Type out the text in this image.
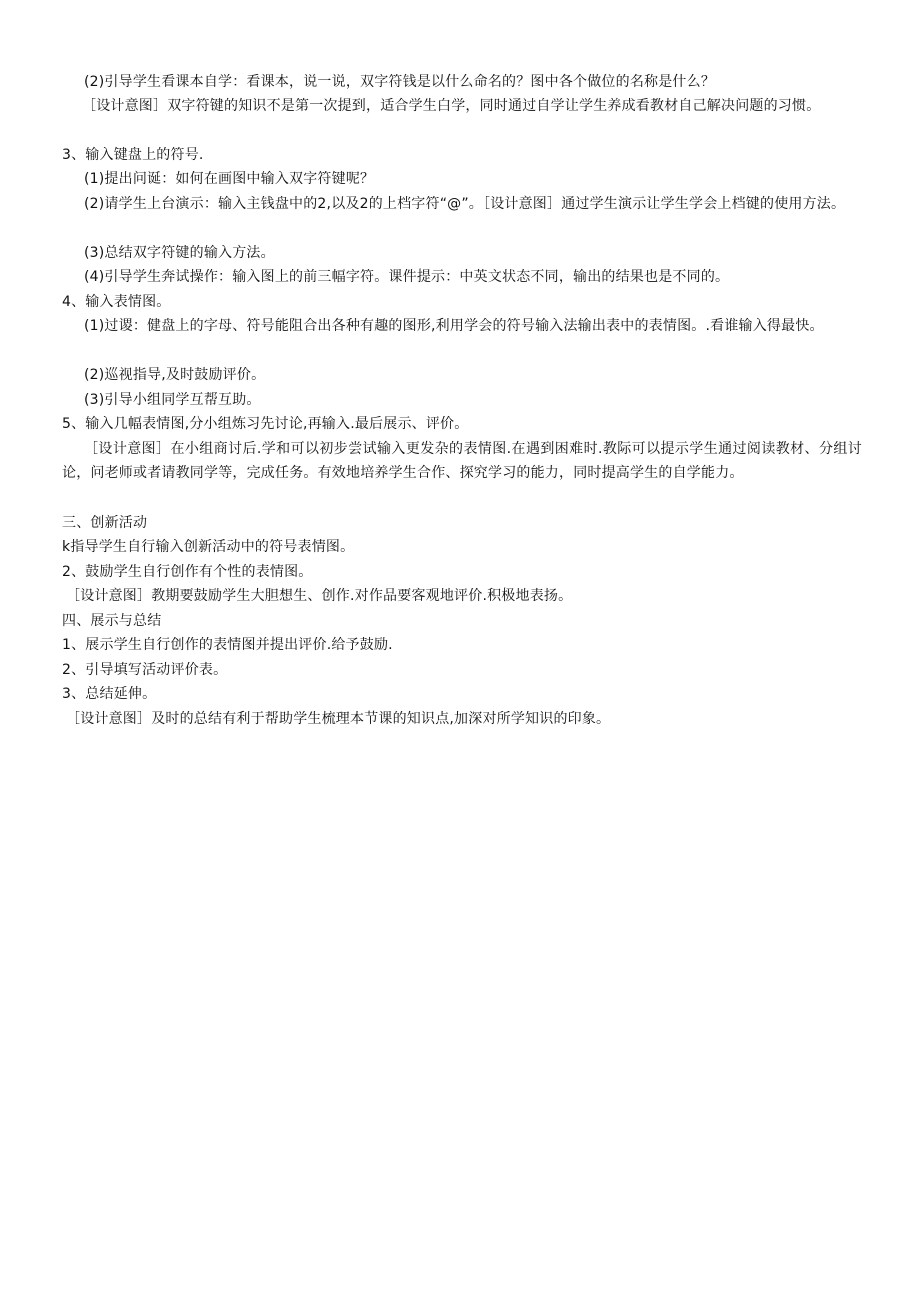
(2)引导学生看课本自学：看课本，说一说，双字符钱是以什么命名的？图中各个做位的名称是什么？
［设计意图］双字符键的知识不是第一次提到，适合学生白学，同时通过自学让学生养成看教材自己解决问题的习惯。
3、输入键盘上的符号.
(1)提出问诞：如何在画图中输入双字符键呢？
(2)请学生上台演示：输入主钱盘中的2,以及2的上档字符“@”。［设计意图］通过学生演示让学生学会上档键的使用方法。
(3)总结双字符键的输入方法。
(4)引导学生奔试操作：输入图上的前三幅字符。课件提示：中英文状态不同，输出的结果也是不同的。
4、输入表情图。
(1)过谡：健盘上的字母、符号能阻合出各种有趣的图形,利用学会的符号输入法输出表中的表情图。.看谁输入得最快。
(2)巡视指导,及时鼓励评价。
(3)引导小组同学互帮互助。
5、输入几幅表情图,分小组炼习先讨论,再输入.最后展示、评价。
［设计意图］在小组商讨后.学和可以初步尝试输入更发杂的表情图.在遇到困难时.教际可以提示学生通过阅读教材、分组讨论，问老师或者请教同学等，完成任务。有效地培养学生合作、探究学习的能力，同时提高学生的自学能力。
三、创新活动
k指导学生自行输入创新活动中的符号表情图。
2、鼓励学生自行创作有个性的表情图。
［设计意图］教期要鼓励学生大胆想生、创作.对作品要客观地评价.积极地表扬。
四、展示与总结
1、展示学生自行创作的表情图并提出评价.给予鼓励.
2、引导填写活动评价表。
3、总结延伸。
［设计意图］及时的总结有利于帮助学生梳理本节课的知识点,加深对所学知识的印象。
